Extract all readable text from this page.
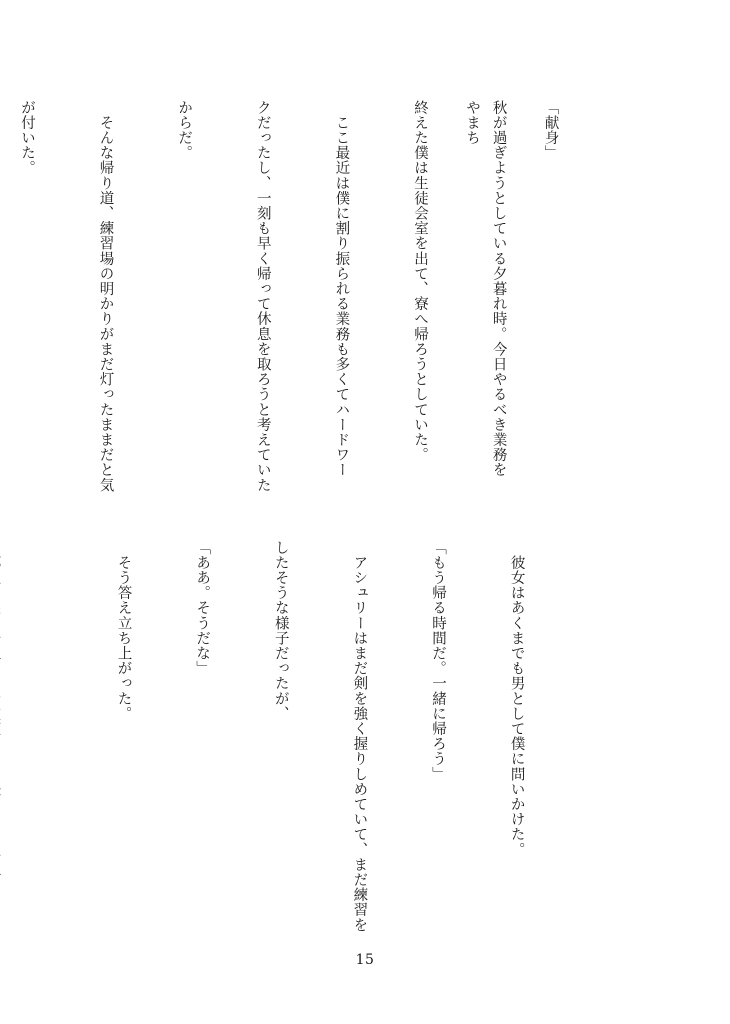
「献身」

やまち

秋が過ぎようとしている夕暮れ時。今日やるべき業務を

終えた僕は生徒会室を出て、寮へ帰ろうとしていた。

　ここ最近は僕に割り振られる業務も多くてハードワー

クだったし、一刻も早く帰って休息を取ろうと考えていた

からだ。

　そんな帰り道、練習場の明かりがまだ灯ったままだと気

が付いた。

　彼女はあくまでも男として僕に問いかけた。

「もう帰る時間だ。一緒に帰ろう」

　アシュリーはまだ剣を強く握りしめていて、まだ練習を

したそうな様子だったが、

「ああ。そうだな」

　そう答え立ち上がった。

15
